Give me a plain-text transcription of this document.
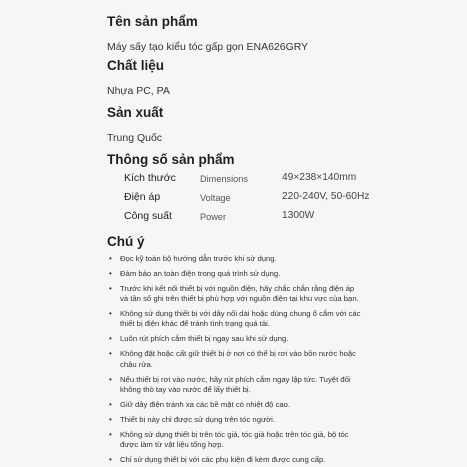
Tên sản phẩm
Máy sấy tạo kiểu tóc gấp gọn ENA626GRY
Chất liệu
Nhựa PC, PA
Sản xuất
Trung Quốc
Thông số sản phẩm
Kích thước	Dimensions	49×238×140mm
Điện áp	Voltage	220-240V, 50-60Hz
Công suất	Power	1300W
Chú ý
• Đọc kỹ toàn bộ hướng dẫn trước khi sử dụng.
• Đảm bảo an toàn điện trong quá trình sử dụng.
• Trước khi kết nối thiết bị với nguồn điện, hãy chắc chắn rằng điện áp và tần số ghi trên thiết bị phù hợp với nguồn điện tại khu vực của bạn.
• Không sử dụng thiết bị với dây nối dài hoặc dùng chung ổ cắm với các thiết bị điện khác để tránh tình trạng quá tải.
• Luôn rút phích cắm thiết bị ngay sau khi sử dụng.
• Không đặt hoặc cất giữ thiết bị ở nơi có thể bị rơi vào bồn nước hoặc chậu rửa.
• Nếu thiết bị rơi vào nước, hãy rút phích cắm ngay lập tức. Tuyệt đối không thò tay vào nước để lấy thiết bị.
• Giữ dây điện tránh xa các bề mặt có nhiệt độ cao.
• Thiết bị này chỉ được sử dụng trên tóc người.
• Không sử dụng thiết bị trên tóc giả, tóc giả hoặc trên tóc giả, bộ tóc được làm từ vật liệu tổng hợp.
• Chỉ sử dụng thiết bị với các phụ kiện đi kèm được cung cấp.
